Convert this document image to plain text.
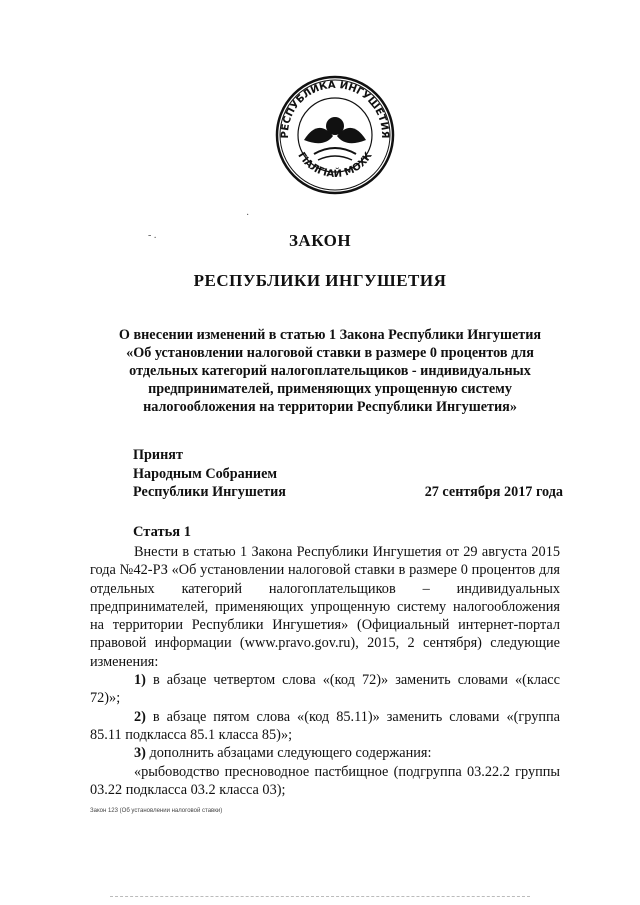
РЕСПУБЛИКА ИНГУШЕТИЯ
ГӀАЛГӀАЙ МОХК
·
- .	ЗАКОН
РЕСПУБЛИКИ ИНГУШЕТИЯ
О внесении изменений в статью 1 Закона Республики Ингушетия
«Об установлении налоговой ставки в размере 0 процентов для
отдельных категорий налогоплательщиков - индивидуальных
предпринимателей, применяющих упрощенную систему
налогообложения на территории Республики Ингушетия»
Принят
Народным Собранием
Республики Ингушетия	27 сентября 2017 года
Статья 1

Внести в статью 1 Закона Республики Ингушетия от 29 августа 2015 года №42-РЗ «Об установлении налоговой ставки в размере 0 процентов для отдельных категорий налогоплательщиков – индивидуальных предпринимателей, применяющих упрощенную систему налогообложения на территории Республики Ингушетия» (Официальный интернет-портал правовой информации (www.pravo.gov.ru), 2015, 2 сентября) следующие изменения:

1) в абзаце четвертом слова «(код 72)» заменить словами «(класс 72)»;

2) в абзаце пятом слова «(код 85.11)» заменить словами «(группа 85.11 подкласса 85.1 класса 85)»;

3) дополнить абзацами следующего содержания:

«рыбоводство пресноводное пастбищное (подгруппа 03.22.2 группы 03.22 подкласса 03.2 класса 03);

Закон 123 (Об установлении налоговой ставки)
